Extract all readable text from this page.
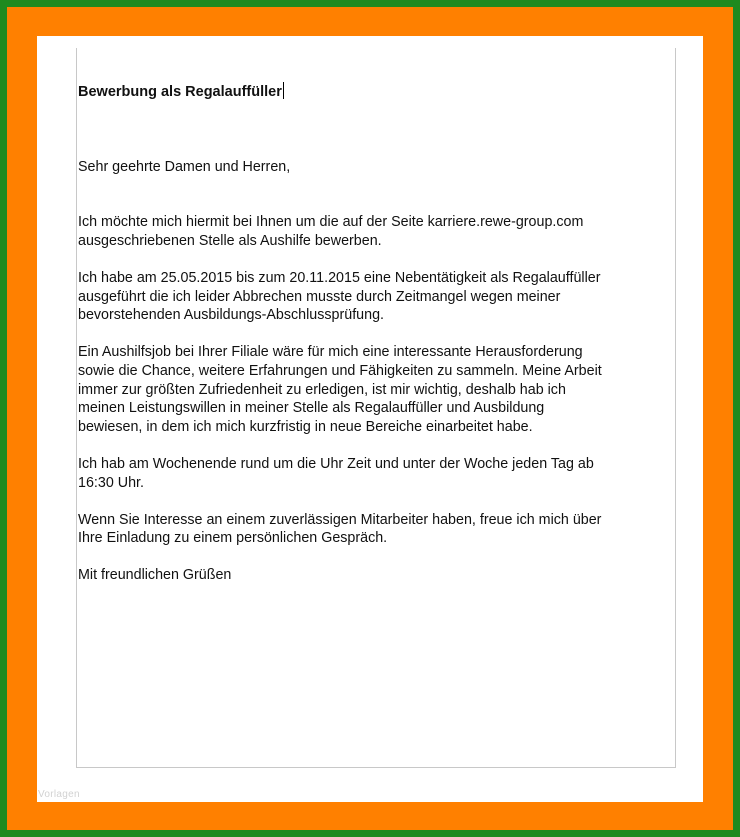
Bewerbung als Regalauffüller

Sehr geehrte Damen und Herren,

Ich möchte mich hiermit bei Ihnen um die auf der Seite karriere.rewe-group.com
ausgeschriebenen Stelle als Aushilfe bewerben.

Ich habe am 25.05.2015 bis zum 20.11.2015 eine Nebentätigkeit als Regalauffüller
ausgeführt die ich leider Abbrechen musste durch Zeitmangel wegen meiner
bevorstehenden Ausbildungs-Abschlussprüfung.

Ein Aushilfsjob bei Ihrer Filiale wäre für mich eine interessante Herausforderung
sowie die Chance, weitere Erfahrungen und Fähigkeiten zu sammeln. Meine Arbeit
immer zur größten Zufriedenheit zu erledigen, ist mir wichtig, deshalb hab ich
meinen Leistungswillen in meiner Stelle als Regalauffüller und Ausbildung
bewiesen, in dem ich mich kurzfristig in neue Bereiche einarbeitet habe.

Ich hab am Wochenende rund um die Uhr Zeit und unter der Woche jeden Tag ab
16:30 Uhr.

Wenn Sie Interesse an einem zuverlässigen Mitarbeiter haben, freue ich mich über
Ihre Einladung zu einem persönlichen Gespräch.

Mit freundlichen Grüßen

Vorlagen
